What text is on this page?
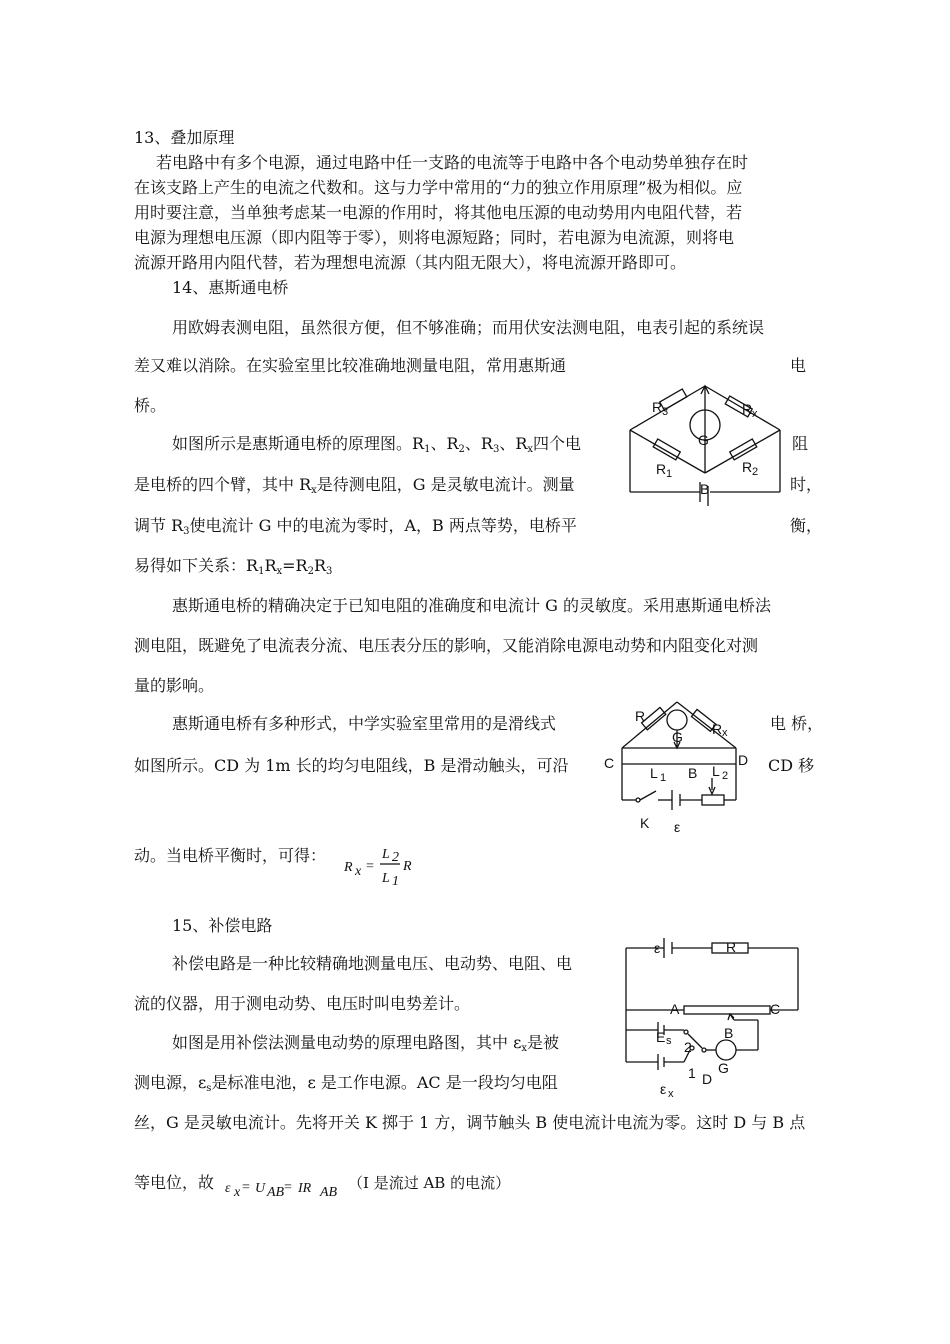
13、叠加原理
若电路中有多个电源，通过电路中任一支路的电流等于电路中各个电动势单独存在时
在该支路上产生的电流之代数和。这与力学中常用的“力的独立作用原理”极为相似。应
用时要注意，当单独考虑某一电源的作用时，将其他电压源的电动势用内电阻代替，若
电源为理想电压源（即内阻等于零），则将电源短路；同时，若电源为电流源，则将电
流源开路用内阻代替，若为理想电流源（其内阻无限大），将电流源开路即可。
14、惠斯通电桥
用欧姆表测电阻，虽然很方便，但不够准确；而用伏安法测电阻，电表引起的系统误
差又难以消除。在实验室里比较准确地测量电阻，常用惠斯通	电
桥。
如图所示是惠斯通电桥的原理图。$R_1$、$R_2$、$R_3$、$R_x$四个电	阻
是电桥的四个臂，其中 $R_x$是待测电阻，G 是灵敏电流计。测量	时，
调节 $R_3$使电流计 G 中的电流为零时，A，B 两点等势，电桥平	衡，
易得如下关系：$R_1R_x=R_2R_3$
惠斯通电桥的精确决定于已知电阻的准确度和电流计 G 的灵敏度。采用惠斯通电桥法
测电阻，既避免了电流表分流、电压表分压的影响，又能消除电源电动势和内阻变化对测
量的影响。
惠斯通电桥有多种形式，中学实验室里常用的是滑线式	电 桥，
如图所示。CD 为 1m 长的均匀电阻线，B 是滑动触头，可沿	CD 移
动。当电桥平衡时，可得：
R x =
L 2
L 1
R
R 3	R x
G
R 1	R 2
B
C	D
R
G R x
L 1 B L 2
K ε
15、补偿电路
补偿电路是一种比较精确地测量电压、电动势、电阻、电
流的仪器，用于测电动势、电压时叫电势差计。
如图是用补偿法测量电动势的原理电路图，其中 $\varepsilon_x$是被
测电源，$\varepsilon_s$是标准电池，ε 是工作电源。AC 是一段均匀电阻
丝，G 是灵敏电流计。先将开关 K 掷于 1 方，调节触头 B 使电流计电流为零。这时 D 与 B 点
等电位，故	（I 是流过 AB 的电流）
ε x = U AB = IR AB
ε	R
A	C
B
E s 2
1 G
D
ε x
